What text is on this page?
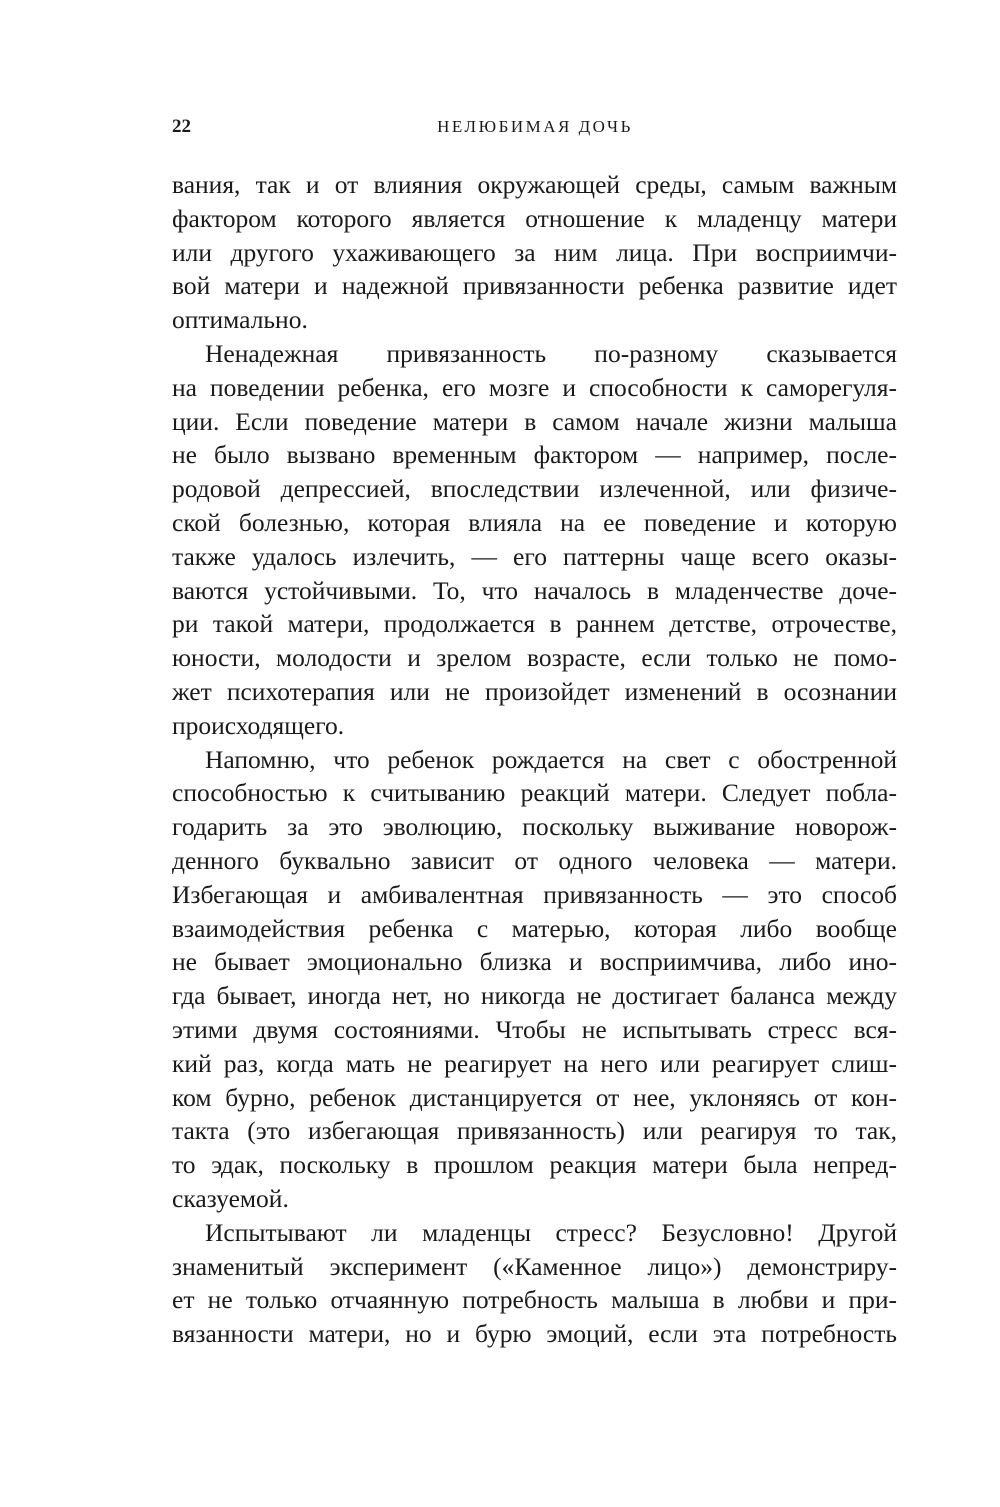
22	НЕЛЮБИМАЯ ДОЧЬ
вания, так и от влияния окружающей среды, самым важным
фактором которого является отношение к младенцу матери
или другого ухаживающего за ним лица. При восприимчи-
вой матери и надежной привязанности ребенка развитие идет
оптимально.
Ненадежная привязанность по-разному сказывается
на поведении ребенка, его мозге и способности к саморегуля-
ции. Если поведение матери в самом начале жизни малыша
не было вызвано временным фактором — например, после-
родовой депрессией, впоследствии излеченной, или физиче-
ской болезнью, которая влияла на ее поведение и которую
также удалось излечить, — его паттерны чаще всего оказы-
ваются устойчивыми. То, что началось в младенчестве доче-
ри такой матери, продолжается в раннем детстве, отрочестве,
юности, молодости и зрелом возрасте, если только не помо-
жет психотерапия или не произойдет изменений в осознании
происходящего.
Напомню, что ребенок рождается на свет с обостренной
способностью к считыванию реакций матери. Следует побла-
годарить за это эволюцию, поскольку выживание новорож-
денного буквально зависит от одного человека — матери.
Избегающая и амбивалентная привязанность — это способ
взаимодействия ребенка с матерью, которая либо вообще
не бывает эмоционально близка и восприимчива, либо ино-
гда бывает, иногда нет, но никогда не достигает баланса между
этими двумя состояниями. Чтобы не испытывать стресс вся-
кий раз, когда мать не реагирует на него или реагирует слиш-
ком бурно, ребенок дистанцируется от нее, уклоняясь от кон-
такта (это избегающая привязанность) или реагируя то так,
то эдак, поскольку в прошлом реакция матери была непред-
сказуемой.
Испытывают ли младенцы стресс? Безусловно! Другой
знаменитый эксперимент («Каменное лицо») демонстриру-
ет не только отчаянную потребность малыша в любви и при-
вязанности матери, но и бурю эмоций, если эта потребность
